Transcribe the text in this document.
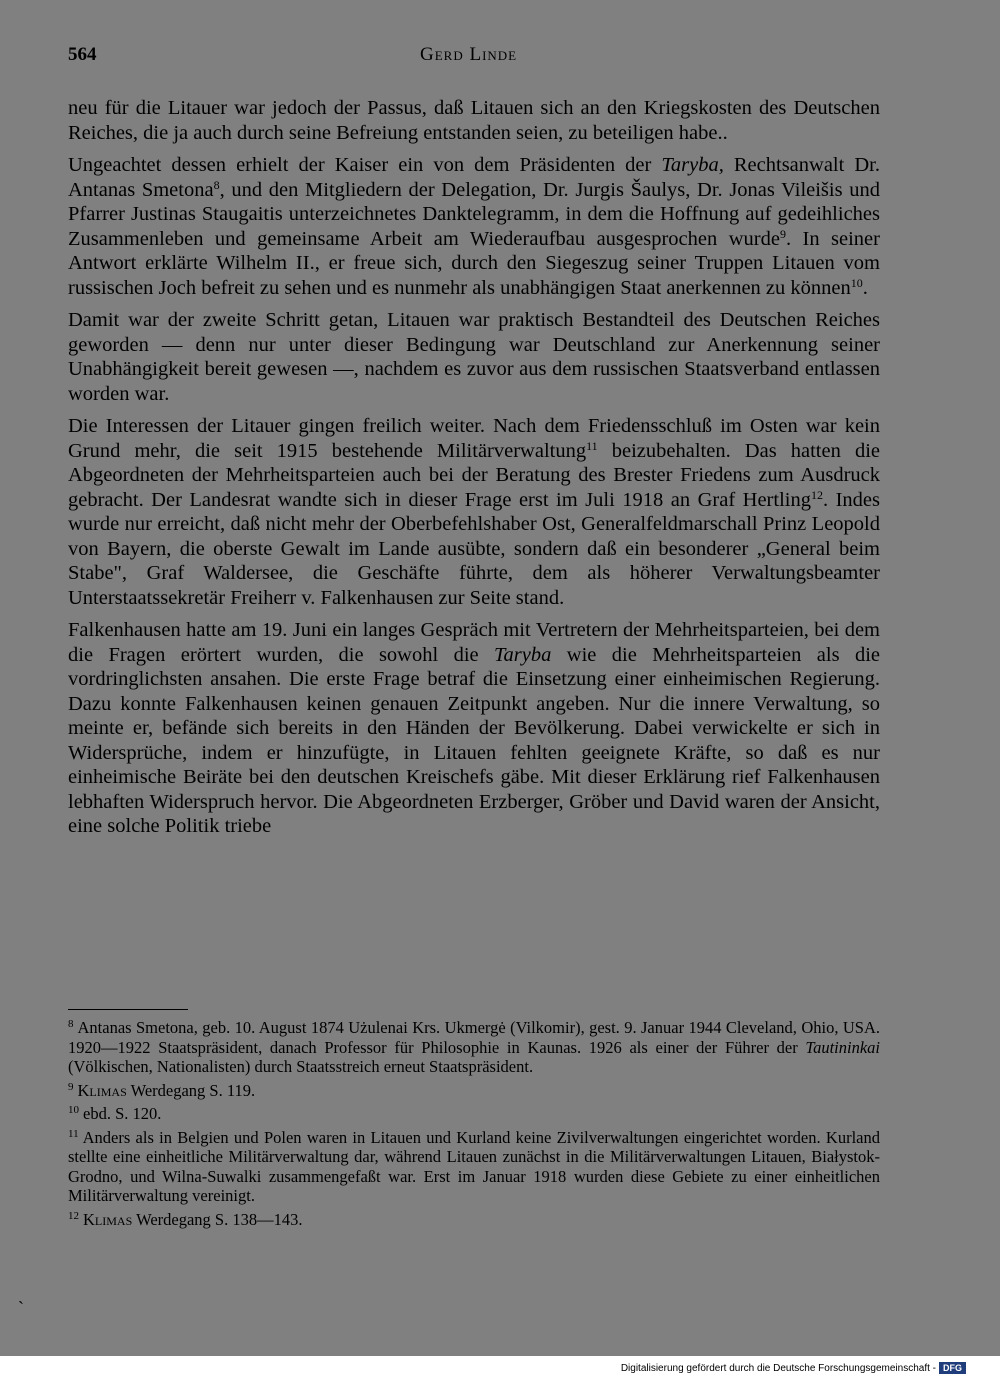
564	Gerd Linde

neu für die Litauer war jedoch der Passus, daß Litauen sich an den Kriegskosten des Deutschen Reiches, die ja auch durch seine Befreiung entstanden seien, zu beteiligen habe..

Ungeachtet dessen erhielt der Kaiser ein von dem Präsidenten der Taryba, Rechtsanwalt Dr. Antanas Smetona$^8$, und den Mitgliedern der Delegation, Dr. Jurgis Šaulys, Dr. Jonas Vileišis und Pfarrer Justinas Staugaitis unterzeichnetes Danktelegramm, in dem die Hoffnung auf gedeihliches Zusammenleben und gemeinsame Arbeit am Wiederaufbau ausgesprochen wurde$^9$. In seiner Antwort erklärte Wilhelm II., er freue sich, durch den Siegeszug seiner Truppen Litauen vom russischen Joch befreit zu sehen und es nunmehr als unabhängigen Staat anerkennen zu können$^{10}$.

Damit war der zweite Schritt getan, Litauen war praktisch Bestandteil des Deutschen Reiches geworden — denn nur unter dieser Bedingung war Deutschland zur Anerkennung seiner Unabhängigkeit bereit gewesen —, nachdem es zuvor aus dem russischen Staatsverband entlassen worden war.

Die Interessen der Litauer gingen freilich weiter. Nach dem Friedensschluß im Osten war kein Grund mehr, die seit 1915 bestehende Militärverwaltung$^{11}$ beizubehalten. Das hatten die Abgeordneten der Mehrheitsparteien auch bei der Beratung des Brester Friedens zum Ausdruck gebracht. Der Landesrat wandte sich in dieser Frage erst im Juli 1918 an Graf Hertling$^{12}$. Indes wurde nur erreicht, daß nicht mehr der Oberbefehlshaber Ost, Generalfeldmarschall Prinz Leopold von Bayern, die oberste Gewalt im Lande ausübte, sondern daß ein besonderer „General beim Stabe", Graf Waldersee, die Geschäfte führte, dem als höherer Verwaltungsbeamter Unterstaatssekretär Freiherr v. Falkenhausen zur Seite stand.

Falkenhausen hatte am 19. Juni ein langes Gespräch mit Vertretern der Mehrheitsparteien, bei dem die Fragen erörtert wurden, die sowohl die Taryba wie die Mehrheitsparteien als die vordringlichsten ansahen. Die erste Frage betraf die Einsetzung einer einheimischen Regierung. Dazu konnte Falkenhausen keinen genauen Zeitpunkt angeben. Nur die innere Verwaltung, so meinte er, befände sich bereits in den Händen der Bevölkerung. Dabei verwickelte er sich in Widersprüche, indem er hinzufügte, in Litauen fehlten geeignete Kräfte, so daß es nur einheimische Beiräte bei den deutschen Kreischefs gäbe. Mit dieser Erklärung rief Falkenhausen lebhaften Widerspruch hervor. Die Abgeordneten Erzberger, Gröber und David waren der Ansicht, eine solche Politik triebe

$^8$ Antanas Smetona, geb. 10. August 1874 Użulenai Krs. Ukmergė (Vilkomir), gest. 9. Januar 1944 Cleveland, Ohio, USA. 1920—1922 Staatspräsident, danach Professor für Philosophie in Kaunas. 1926 als einer der Führer der Tautininkai (Völkischen, Nationalisten) durch Staatsstreich erneut Staatspräsident.

$^9$ Klimas Werdegang S. 119.

$^{10}$ ebd. S. 120.

$^{11}$ Anders als in Belgien und Polen waren in Litauen und Kurland keine Zivilverwaltungen eingerichtet worden. Kurland stellte eine einheitliche Militärverwaltung dar, während Litauen zunächst in die Militärverwaltungen Litauen, Białystok-Grodno, und Wilna-Suwalki zusammengefaßt war. Erst im Januar 1918 wurden diese Gebiete zu einer einheitlichen Militärverwaltung vereinigt.

$^{12}$ Klimas Werdegang S. 138—143.

ˋ
Digitalisierung gefördert durch die Deutsche Forschungsgemeinschaft - DFG
